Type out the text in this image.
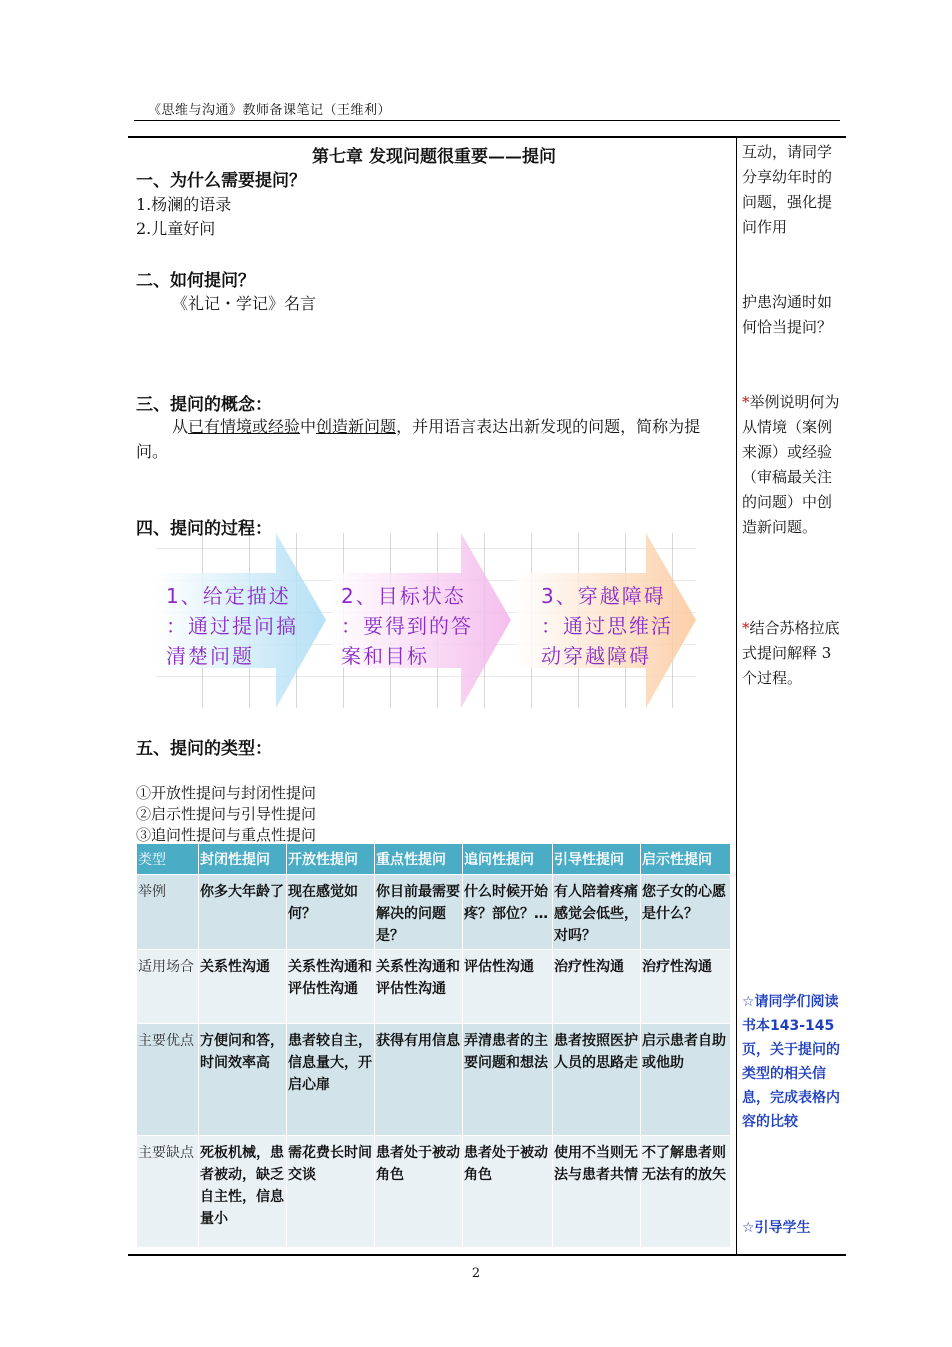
《思维与沟通》教师备课笔记（王维利）
第七章 发现问题很重要——提问
一、为什么需要提问？
1.杨澜的语录
2.儿童好问
二、如何提问？
《礼记・学记》名言
三、提问的概念：
从已有情境或经验中创造新问题，并用语言表达出新发现的问题，简称为提问。
四、提问的过程：
1、给定描述
：通过提问搞
清楚问题
2、目标状态
：要得到的答
案和目标
3、穿越障碍
：通过思维活
动穿越障碍
五、提问的类型：
①开放性提问与封闭性提问
②启示性提问与引导性提问
③追问性提问与重点性提问
类型	封闭性提问	开放性提问	重点性提问	追问性提问	引导性提问	启示性提问
举例	你多大年龄了	现在感觉如何？	你目前最需要解决的问题是？	什么时候开始疼？部位？…	有人陪着疼痛感觉会低些，对吗？	您子女的心愿是什么？
适用场合	关系性沟通	关系性沟通和评估性沟通	关系性沟通和评估性沟通	评估性沟通	治疗性沟通	治疗性沟通
主要优点	方便问和答，时间效率高	患者较自主，信息量大，开启心扉	获得有用信息	弄清患者的主要问题和想法	患者按照医护人员的思路走	启示患者自助或他助
主要缺点	死板机械，患者被动，缺乏自主性，信息量小	需花费长时间交谈	患者处于被动角色	患者处于被动角色	使用不当则无法与患者共情	不了解患者则无法有的放矢
互动，请同学分享幼年时的问题，强化提问作用
护患沟通时如何恰当提问？
*举例说明何为从情境（案例来源）或经验（审稿最关注的问题）中创造新问题。
*结合苏格拉底式提问解释 3 个过程。
☆请同学们阅读书本143-145页，关于提问的类型的相关信息，完成表格内容的比较
☆引导学生
2
